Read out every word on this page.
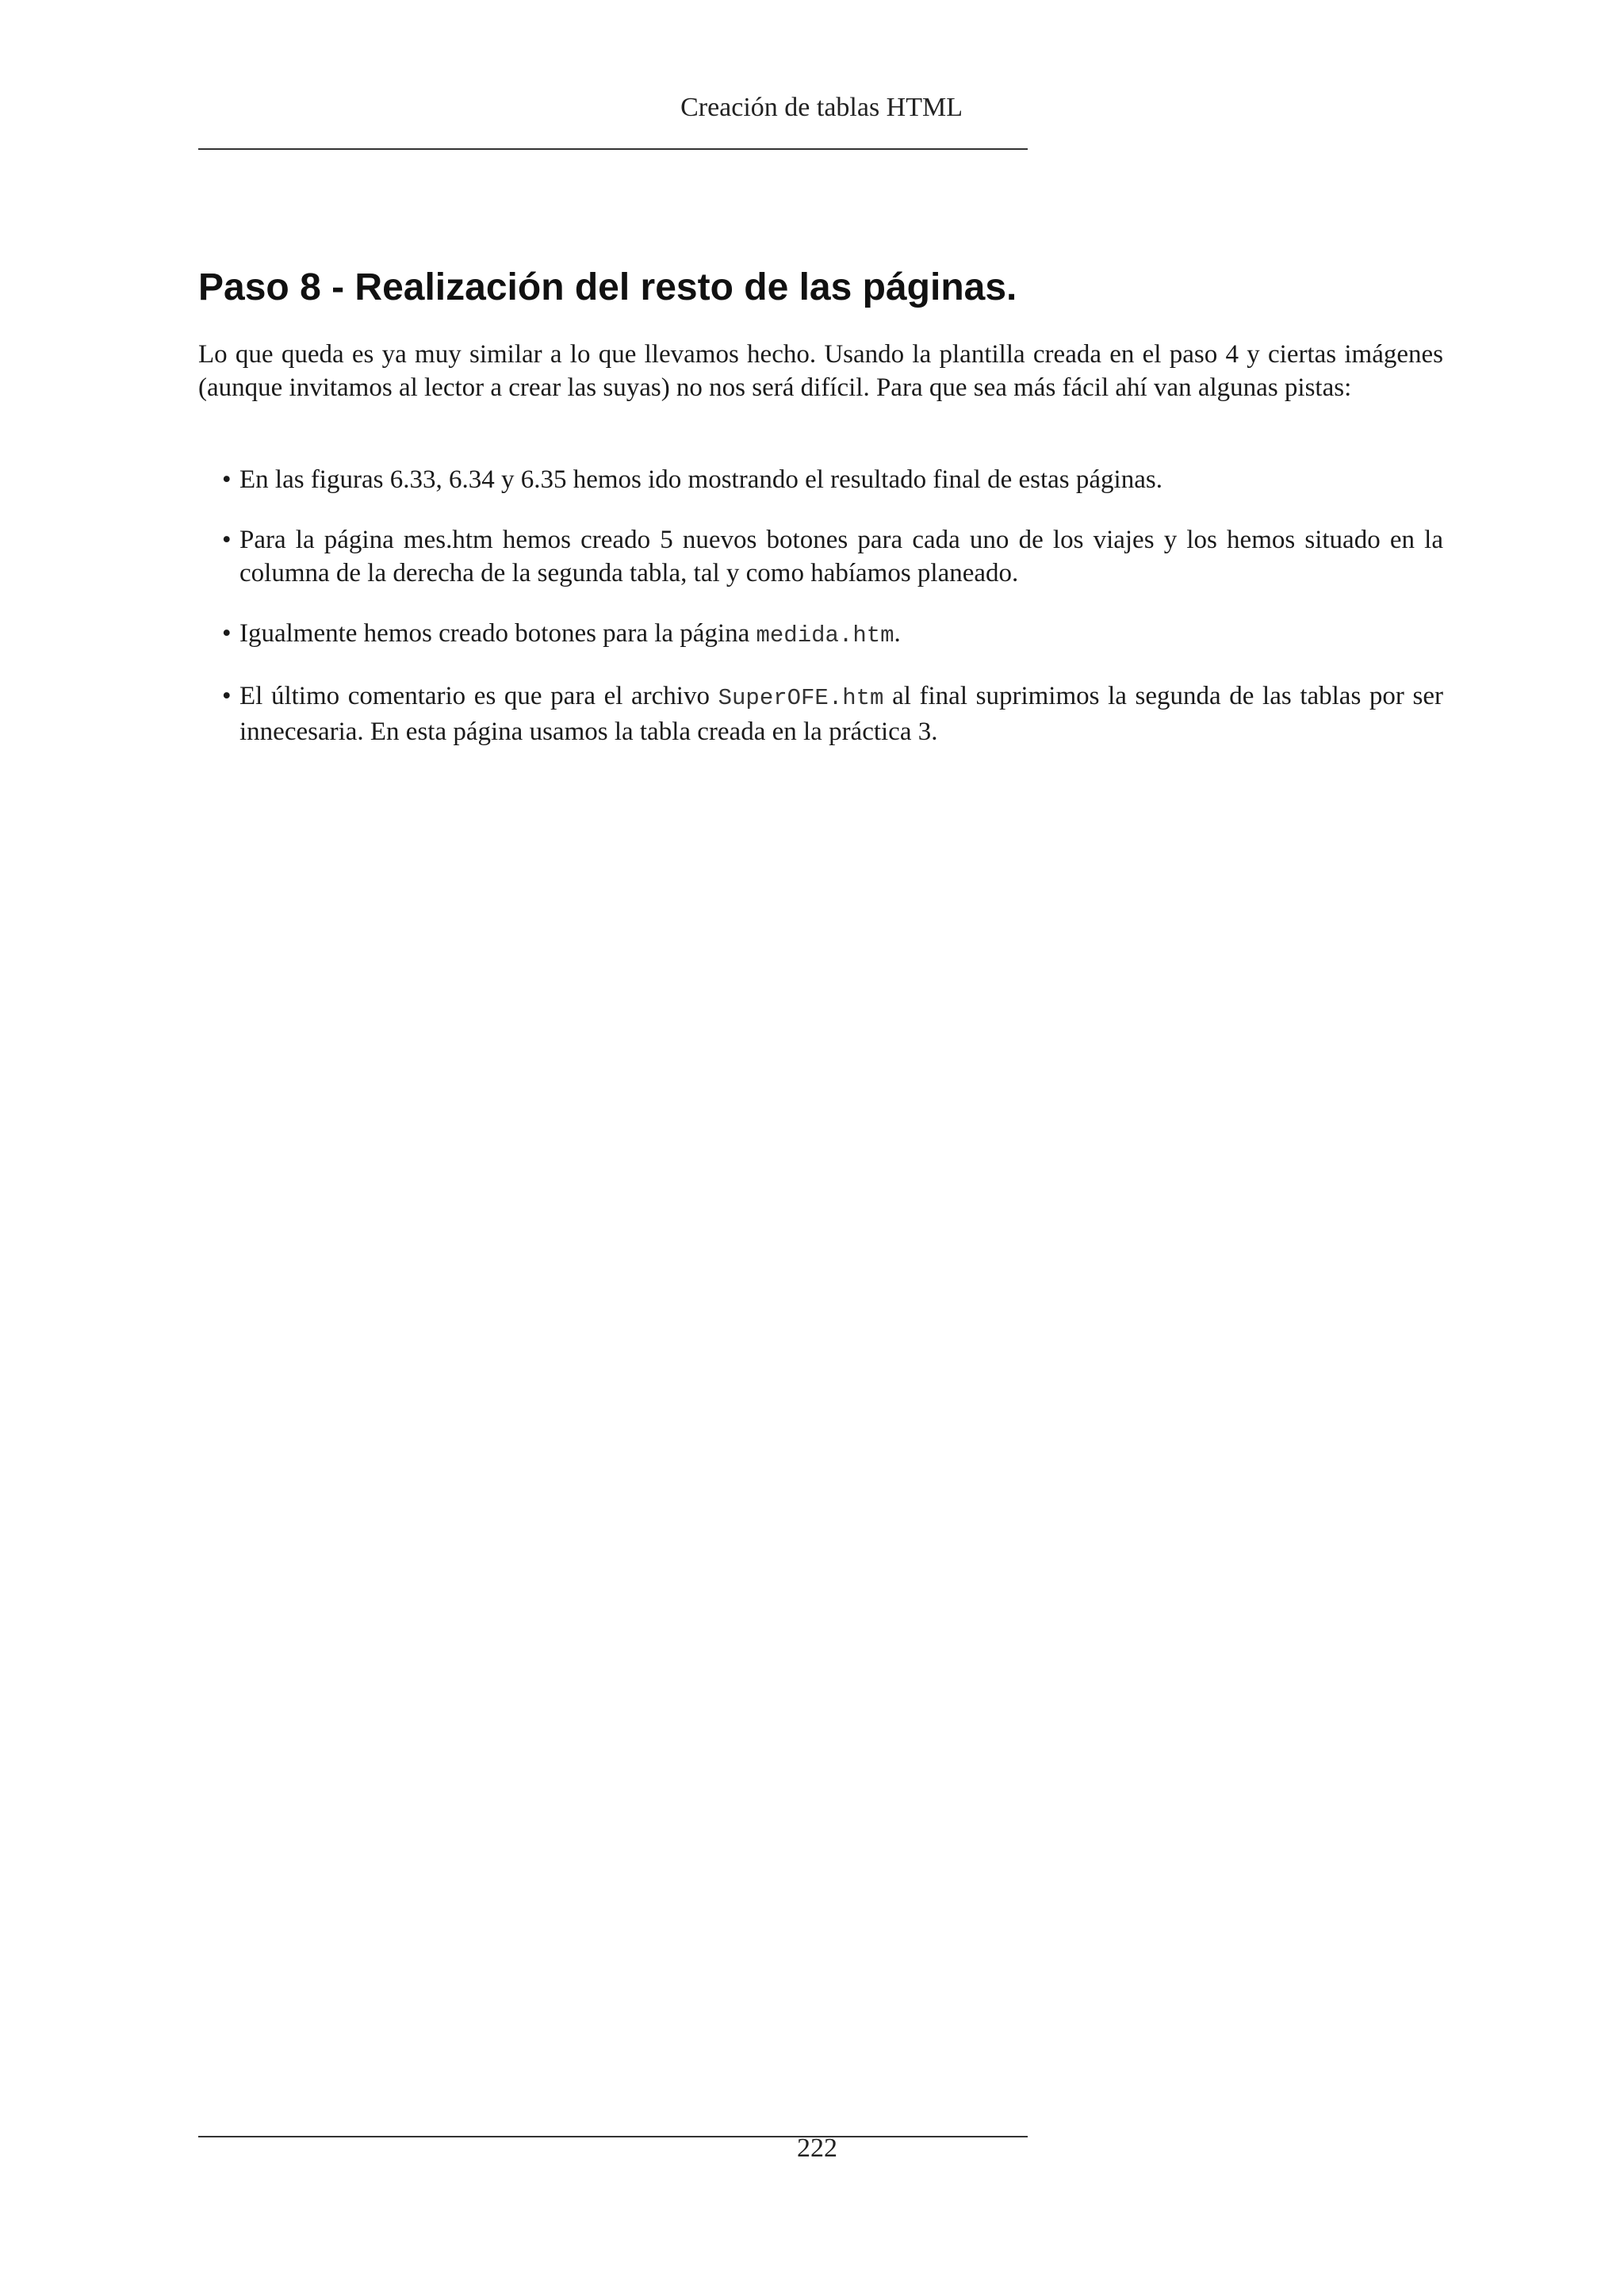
Creación de tablas HTML
Paso 8 - Realización del resto de las páginas.

Lo que queda es ya muy similar a lo que llevamos hecho. Usando la plantilla creada en el paso 4 y ciertas imágenes (aunque invitamos al lector a crear las suyas) no nos será difícil. Para que sea más fácil ahí van algunas pistas:

• En las figuras 6.33, 6.34 y 6.35 hemos ido mostrando el resultado final de estas páginas.
• Para la página mes.htm hemos creado 5 nuevos botones para cada uno de los viajes y los hemos situado en la columna de la derecha de la segunda tabla, tal y como habíamos planeado.
• Igualmente hemos creado botones para la página medida.htm.
• El último comentario es que para el archivo SuperOFE.htm al final suprimimos la segunda de las tablas por ser innecesaria. En esta página usamos la tabla creada en la práctica 3.
222
